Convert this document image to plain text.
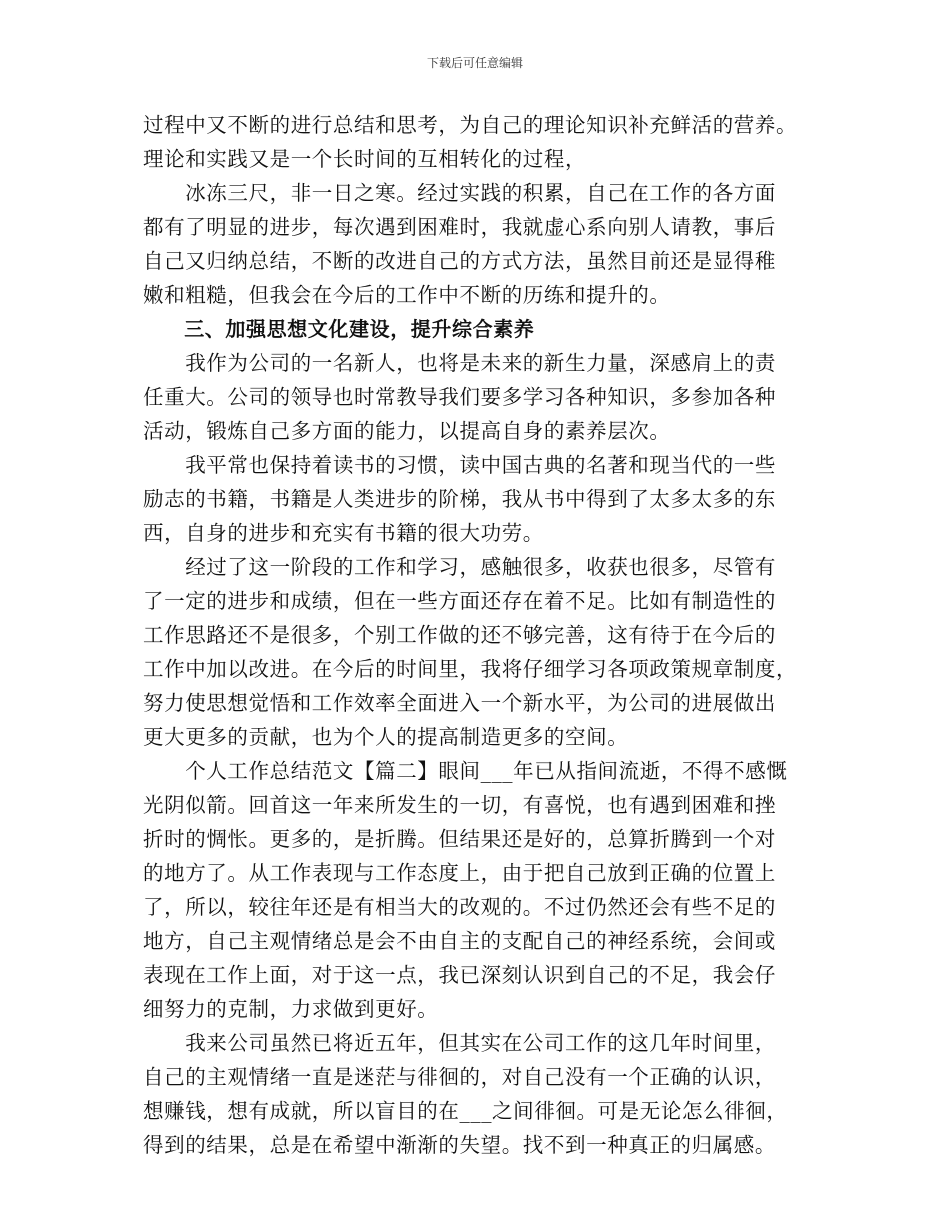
下载后可任意编辑
过程中又不断的进行总结和思考，为自己的理论知识补充鲜活的营养。
理论和实践又是一个长时间的互相转化的过程，
　　冰冻三尺，非一日之寒。经过实践的积累，自己在工作的各方面
都有了明显的进步，每次遇到困难时，我就虚心系向别人请教，事后
自己又归纳总结，不断的改进自己的方式方法，虽然目前还是显得稚
嫩和粗糙，但我会在今后的工作中不断的历练和提升的。
　　三、加强思想文化建设，提升综合素养
　　我作为公司的一名新人，也将是未来的新生力量，深感肩上的责
任重大。公司的领导也时常教导我们要多学习各种知识，多参加各种
活动，锻炼自己多方面的能力，以提高自身的素养层次。
　　我平常也保持着读书的习惯，读中国古典的名著和现当代的一些
励志的书籍，书籍是人类进步的阶梯，我从书中得到了太多太多的东
西，自身的进步和充实有书籍的很大功劳。
　　经过了这一阶段的工作和学习，感触很多，收获也很多，尽管有
了一定的进步和成绩，但在一些方面还存在着不足。比如有制造性的
工作思路还不是很多，个别工作做的还不够完善，这有待于在今后的
工作中加以改进。在今后的时间里，我将仔细学习各项政策规章制度，
努力使思想觉悟和工作效率全面进入一个新水平，为公司的进展做出
更大更多的贡献，也为个人的提高制造更多的空间。
　　个人工作总结范文【篇二】眼间___年已从指间流逝，不得不感慨
光阴似箭。回首这一年来所发生的一切，有喜悦，也有遇到困难和挫
折时的惆怅。更多的，是折腾。但结果还是好的，总算折腾到一个对
的地方了。从工作表现与工作态度上，由于把自己放到正确的位置上
了，所以，较往年还是有相当大的改观的。不过仍然还会有些不足的
地方，自己主观情绪总是会不由自主的支配自己的神经系统，会间或
表现在工作上面，对于这一点，我已深刻认识到自己的不足，我会仔
细努力的克制，力求做到更好。
　　我来公司虽然已将近五年，但其实在公司工作的这几年时间里，
自己的主观情绪一直是迷茫与徘徊的，对自己没有一个正确的认识，
想赚钱，想有成就，所以盲目的在___之间徘徊。可是无论怎么徘徊，
得到的结果，总是在希望中渐渐的失望。找不到一种真正的归属感。
